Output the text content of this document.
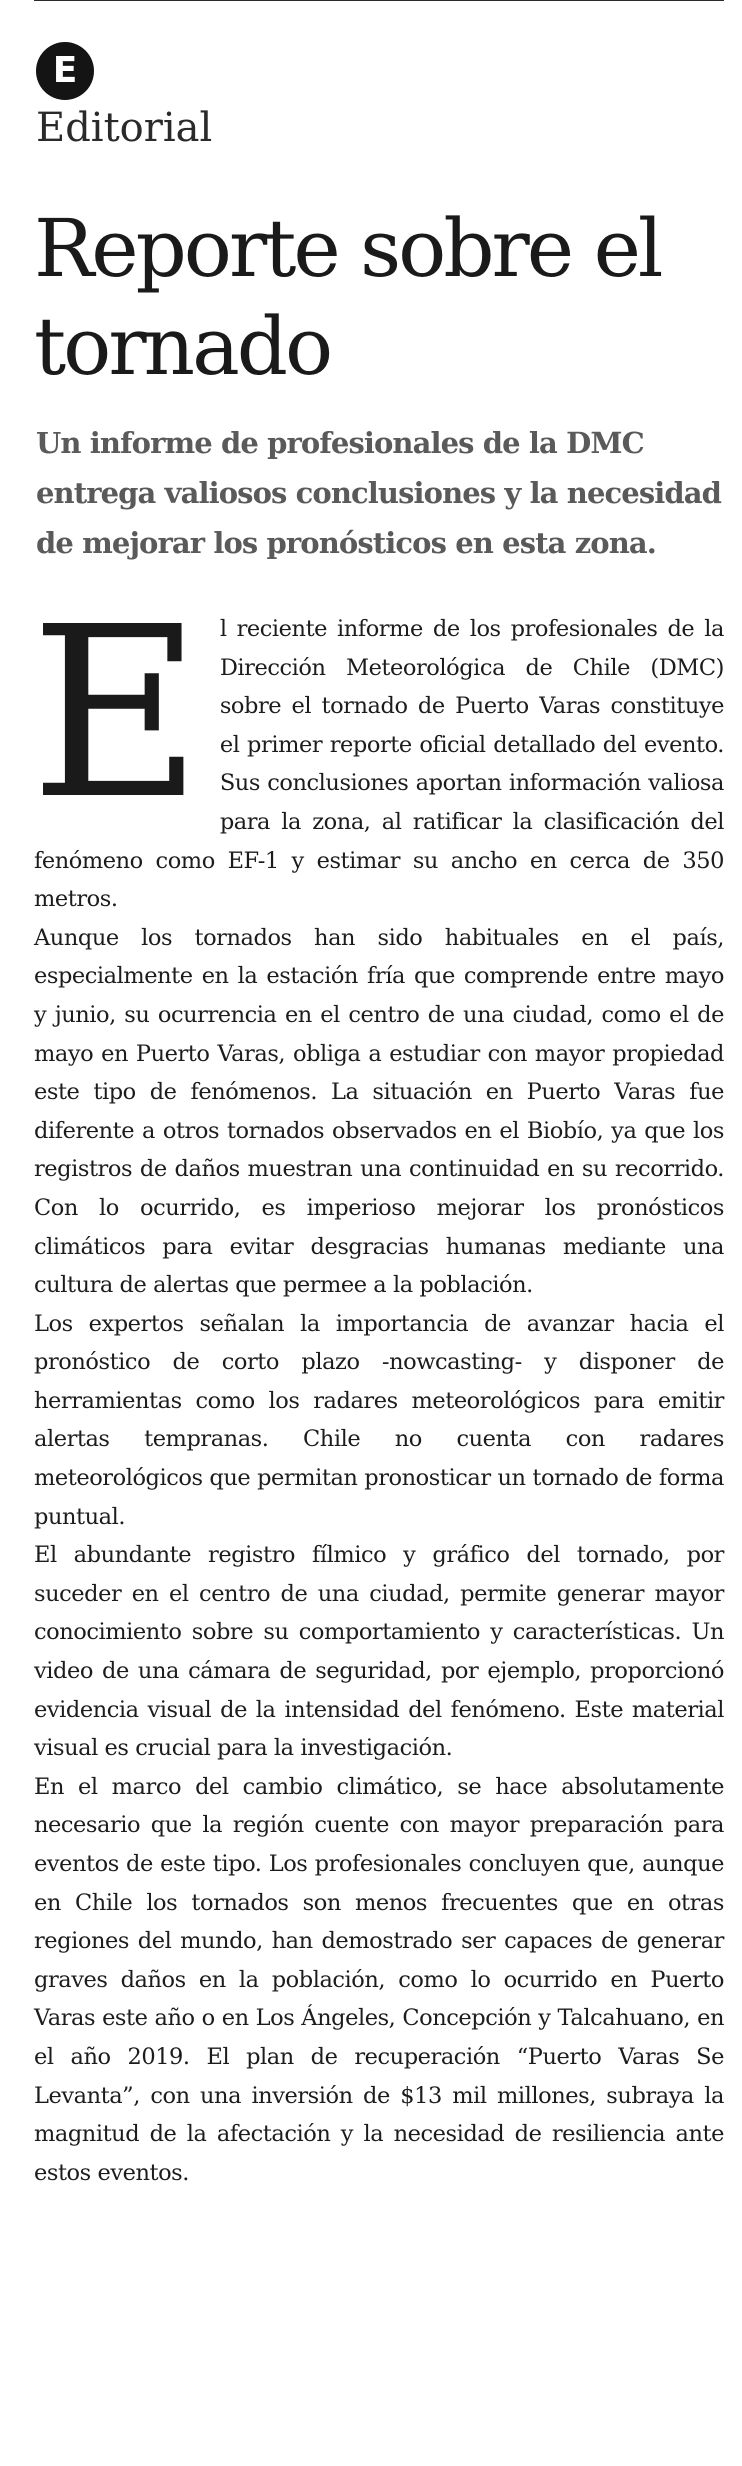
E
Editorial
Reporte sobre el tornado

Un informe de profesionales de la DMC entrega valiosos conclusiones y la necesidad de mejorar los pronósticos en esta zona.

El reciente informe de los profesionales de la Dirección Meteorológica de Chile (DMC) sobre el tornado de Puerto Varas constituye el primer reporte oficial detallado del evento. Sus conclusiones aportan información valiosa para la zona, al ratificar la clasificación del fenómeno como EF-1 y estimar su ancho en cerca de 350 metros.

Aunque los tornados han sido habituales en el país, especialmente en la estación fría que comprende entre mayo y junio, su ocurrencia en el centro de una ciudad, como el de mayo en Puerto Varas, obliga a estudiar con mayor propiedad este tipo de fenómenos. La situación en Puerto Varas fue diferente a otros tornados observados en el Biobío, ya que los registros de daños muestran una continuidad en su recorrido. Con lo ocurrido, es imperioso mejorar los pronósticos climáticos para evitar desgracias humanas mediante una cultura de alertas que permee a la población.

Los expertos señalan la importancia de avanzar hacia el pronóstico de corto plazo -nowcasting- y disponer de herramientas como los radares meteorológicos para emitir alertas tempranas. Chile no cuenta con radares meteorológicos que permitan pronosticar un tornado de forma puntual.

El abundante registro fílmico y gráfico del tornado, por suceder en el centro de una ciudad, permite generar mayor conocimiento sobre su comportamiento y características. Un video de una cámara de seguridad, por ejemplo, proporcionó evidencia visual de la intensidad del fenómeno. Este material visual es crucial para la investigación.

En el marco del cambio climático, se hace absolutamente necesario que la región cuente con mayor preparación para eventos de este tipo. Los profesionales concluyen que, aunque en Chile los tornados son menos frecuentes que en otras regiones del mundo, han demostrado ser capaces de generar graves daños en la población, como lo ocurrido en Puerto Varas este año o en Los Ángeles, Concepción y Talcahuano, en el año 2019. El plan de recuperación “Puerto Varas Se Levanta”, con una inversión de $13 mil millones, subraya la magnitud de la afectación y la necesidad de resiliencia ante estos eventos.
